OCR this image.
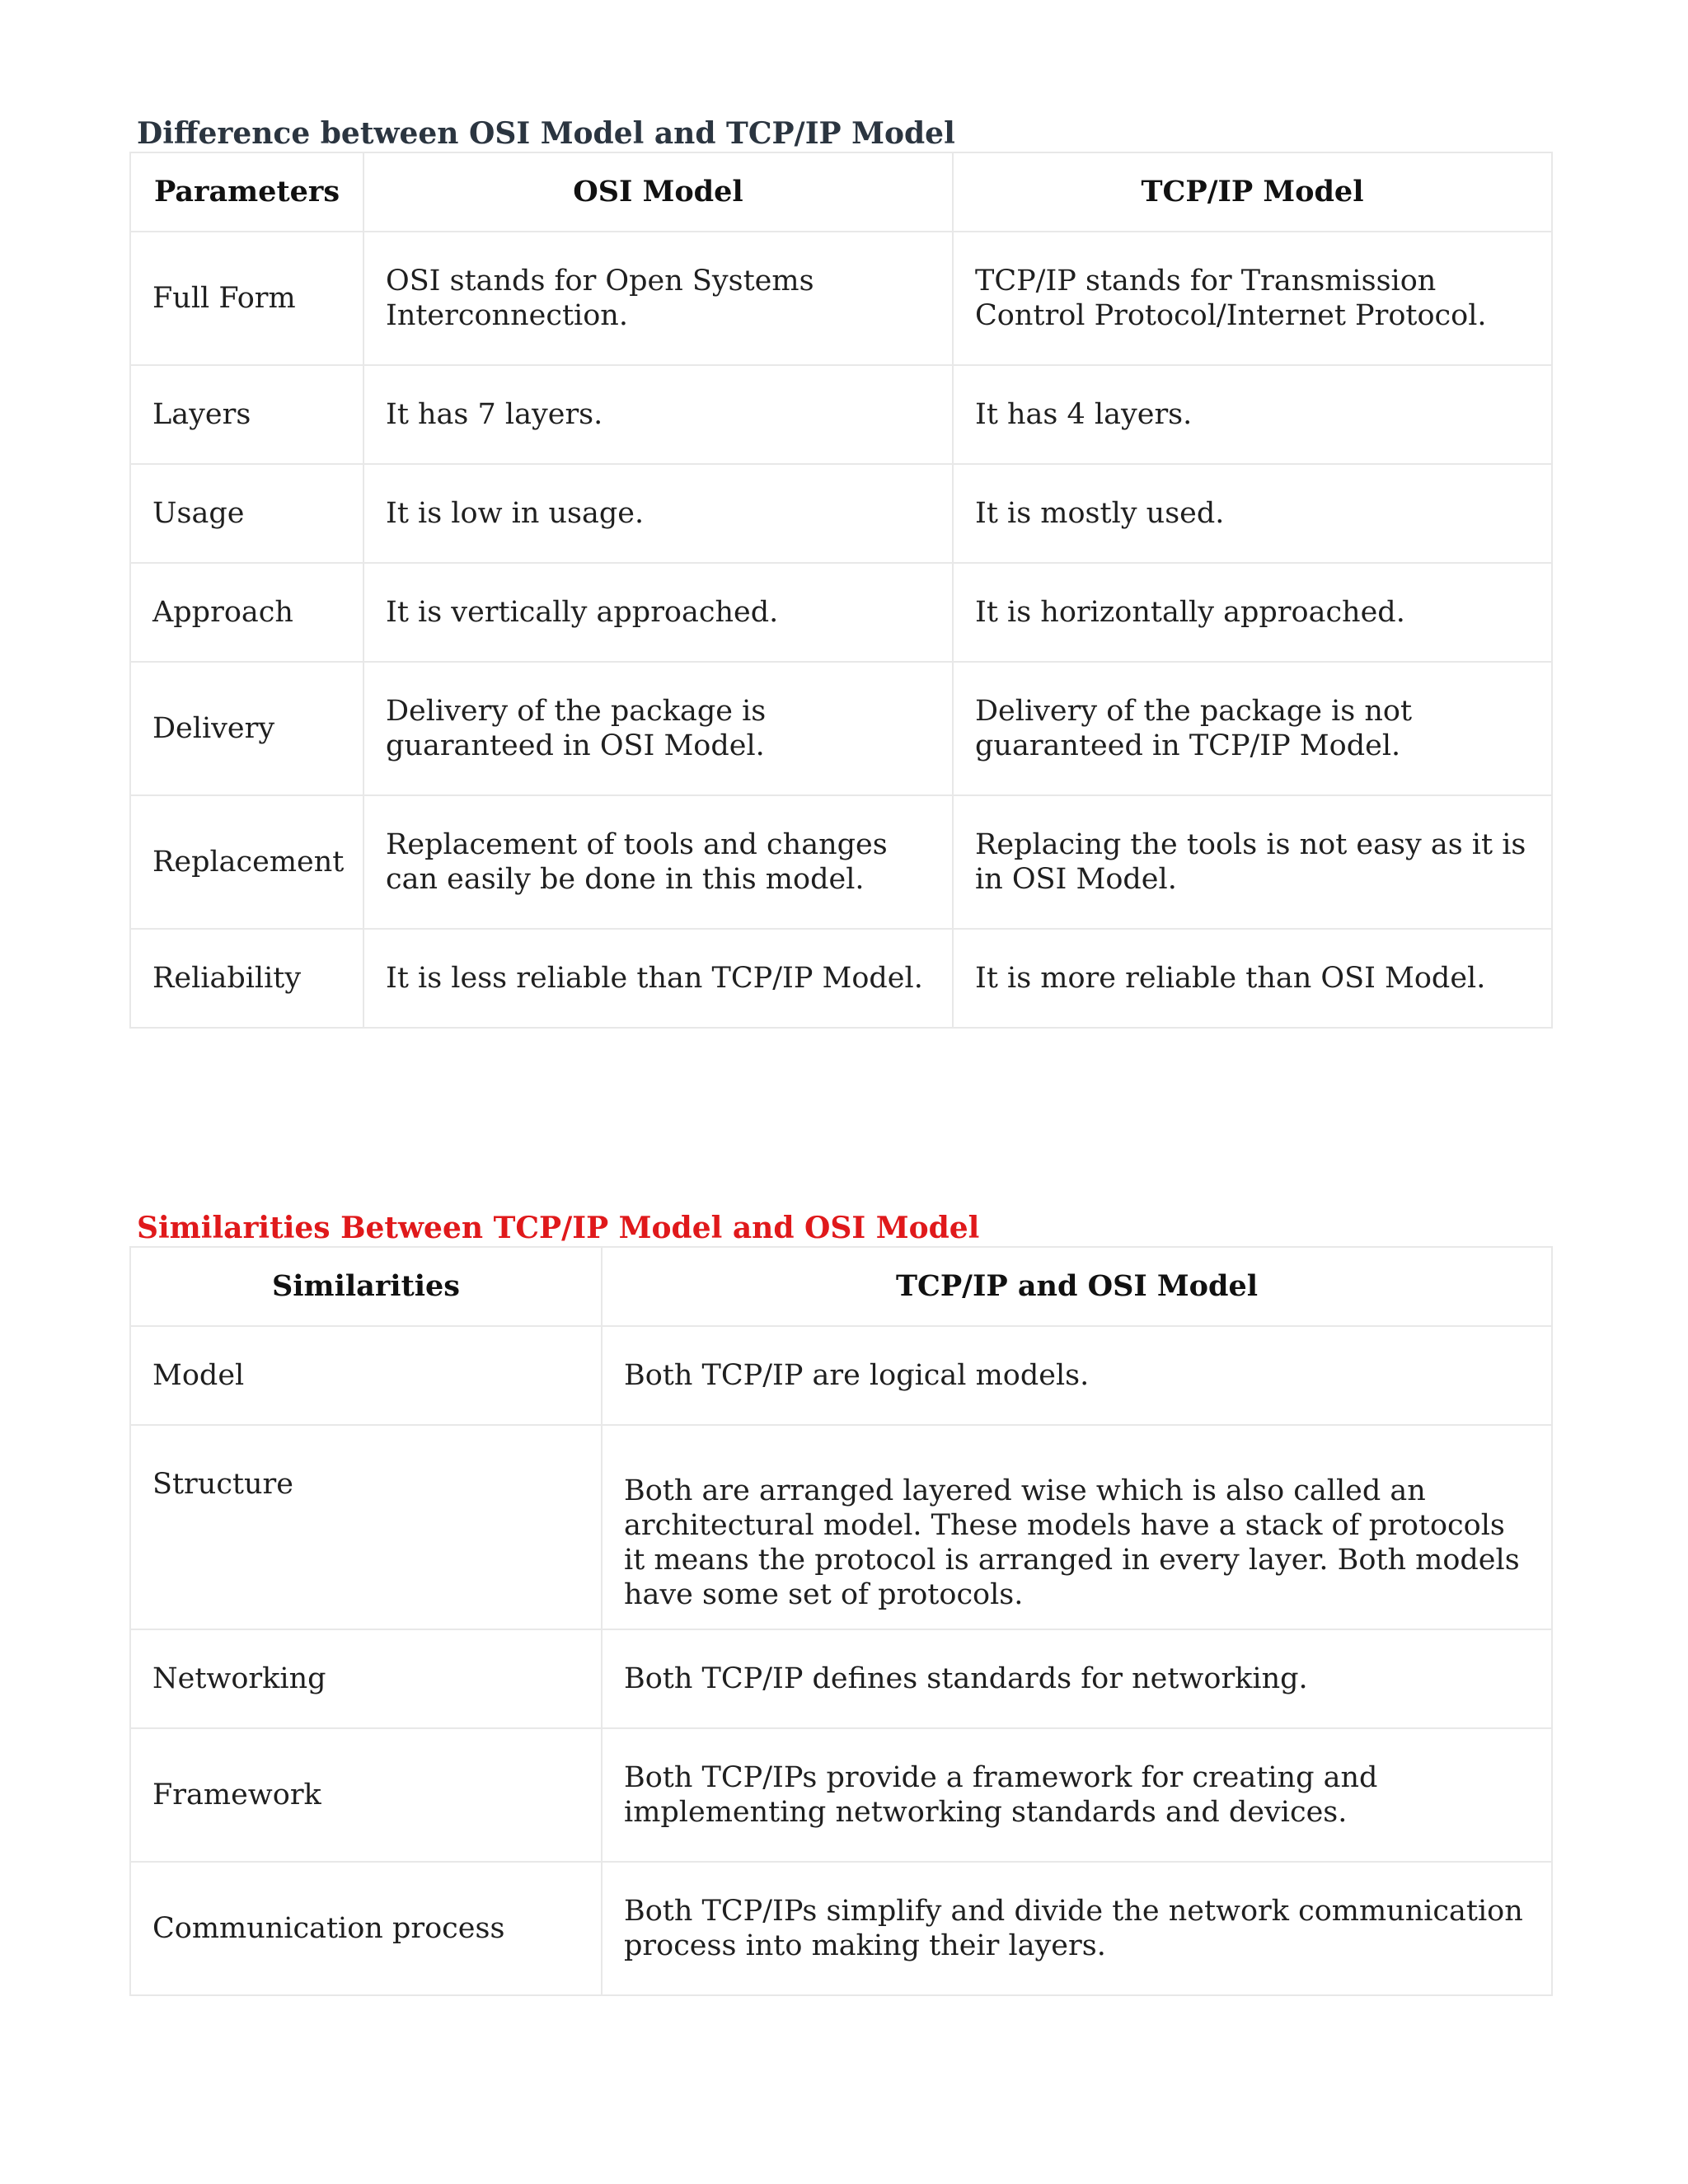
Difference between OSI Model and TCP/IP Model
Parameters	OSI Model	TCP/IP Model
Full Form	OSI stands for Open Systems Interconnection.	TCP/IP stands for Transmission Control Protocol/Internet Protocol.
Layers	It has 7 layers.	It has 4 layers.
Usage	It is low in usage.	It is mostly used.
Approach	It is vertically approached.	It is horizontally approached.
Delivery	Delivery of the package is guaranteed in OSI Model.	Delivery of the package is not guaranteed in TCP/IP Model.
Replacement	Replacement of tools and changes can easily be done in this model.	Replacing the tools is not easy as it is in OSI Model.
Reliability	It is less reliable than TCP/IP Model.	It is more reliable than OSI Model.
Similarities Between TCP/IP Model and OSI Model
Similarities	TCP/IP and OSI Model
Model	Both TCP/IP are logical models.
Structure	Both are arranged layered wise which is also called an architectural model. These models have a stack of protocols it means the protocol is arranged in every layer. Both models have some set of protocols.
Networking	Both TCP/IP defines standards for networking.
Framework	Both TCP/IPs provide a framework for creating and implementing networking standards and devices.
Communication process	Both TCP/IPs simplify and divide the network communication process into making their layers.
